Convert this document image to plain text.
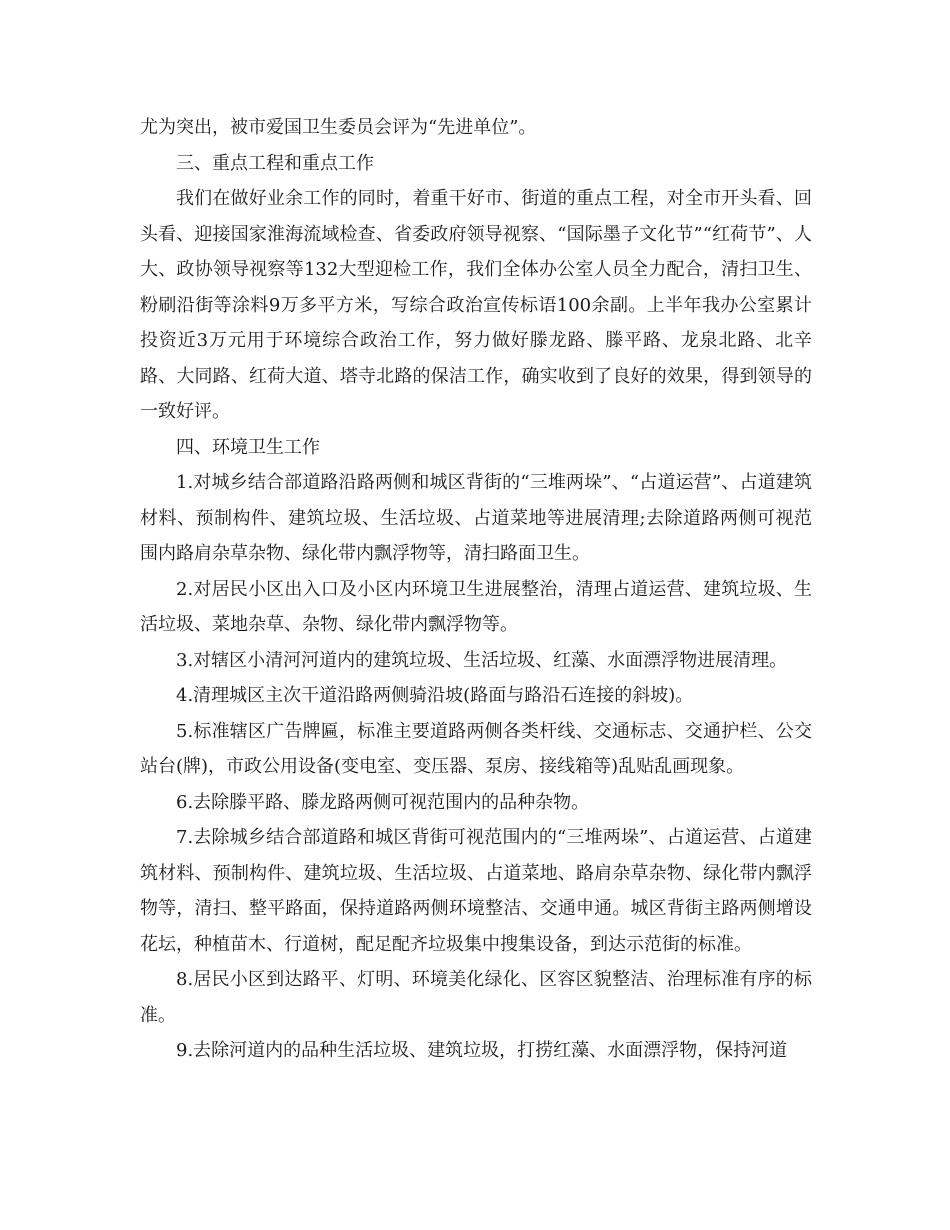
尤为突出，被市爱国卫生委员会评为“先进单位”。

三、重点工程和重点工作

我们在做好业余工作的同时，着重干好市、街道的重点工程，对全市开头看、回头看、迎接国家淮海流域检查、省委政府领导视察、“国际墨子文化节”“红荷节”、人大、政协领导视察等132大型迎检工作，我们全体办公室人员全力配合，清扫卫生、粉刷沿街等涂料9万多平方米，写综合政治宣传标语100余副。上半年我办公室累计投资近3万元用于环境综合政治工作，努力做好滕龙路、滕平路、龙泉北路、北辛路、大同路、红荷大道、塔寺北路的保洁工作，确实收到了良好的效果，得到领导的一致好评。

四、环境卫生工作

1.对城乡结合部道路沿路两侧和城区背街的“三堆两垛”、“占道运营”、占道建筑材料、预制构件、建筑垃圾、生活垃圾、占道菜地等进展清理;去除道路两侧可视范围内路肩杂草杂物、绿化带内飘浮物等，清扫路面卫生。

2.对居民小区出入口及小区内环境卫生进展整治，清理占道运营、建筑垃圾、生活垃圾、菜地杂草、杂物、绿化带内飘浮物等。

3.对辖区小清河河道内的建筑垃圾、生活垃圾、红藻、水面漂浮物进展清理。

4.清理城区主次干道沿路两侧骑沿坡(路面与路沿石连接的斜坡)。

5.标准辖区广告牌匾，标准主要道路两侧各类杆线、交通标志、交通护栏、公交站台(牌)，市政公用设备(变电室、变压器、泵房、接线箱等)乱贴乱画现象。

6.去除滕平路、滕龙路两侧可视范围内的品种杂物。

7.去除城乡结合部道路和城区背街可视范围内的“三堆两垛”、占道运营、占道建筑材料、预制构件、建筑垃圾、生活垃圾、占道菜地、路肩杂草杂物、绿化带内飘浮物等，清扫、整平路面，保持道路两侧环境整洁、交通申通。城区背街主路两侧增设花坛，种植苗木、行道树，配足配齐垃圾集中搜集设备，到达示范街的标准。

8.居民小区到达路平、灯明、环境美化绿化、区容区貌整洁、治理标准有序的标准。

9.去除河道内的品种生活垃圾、建筑垃圾，打捞红藻、水面漂浮物，保持河道
